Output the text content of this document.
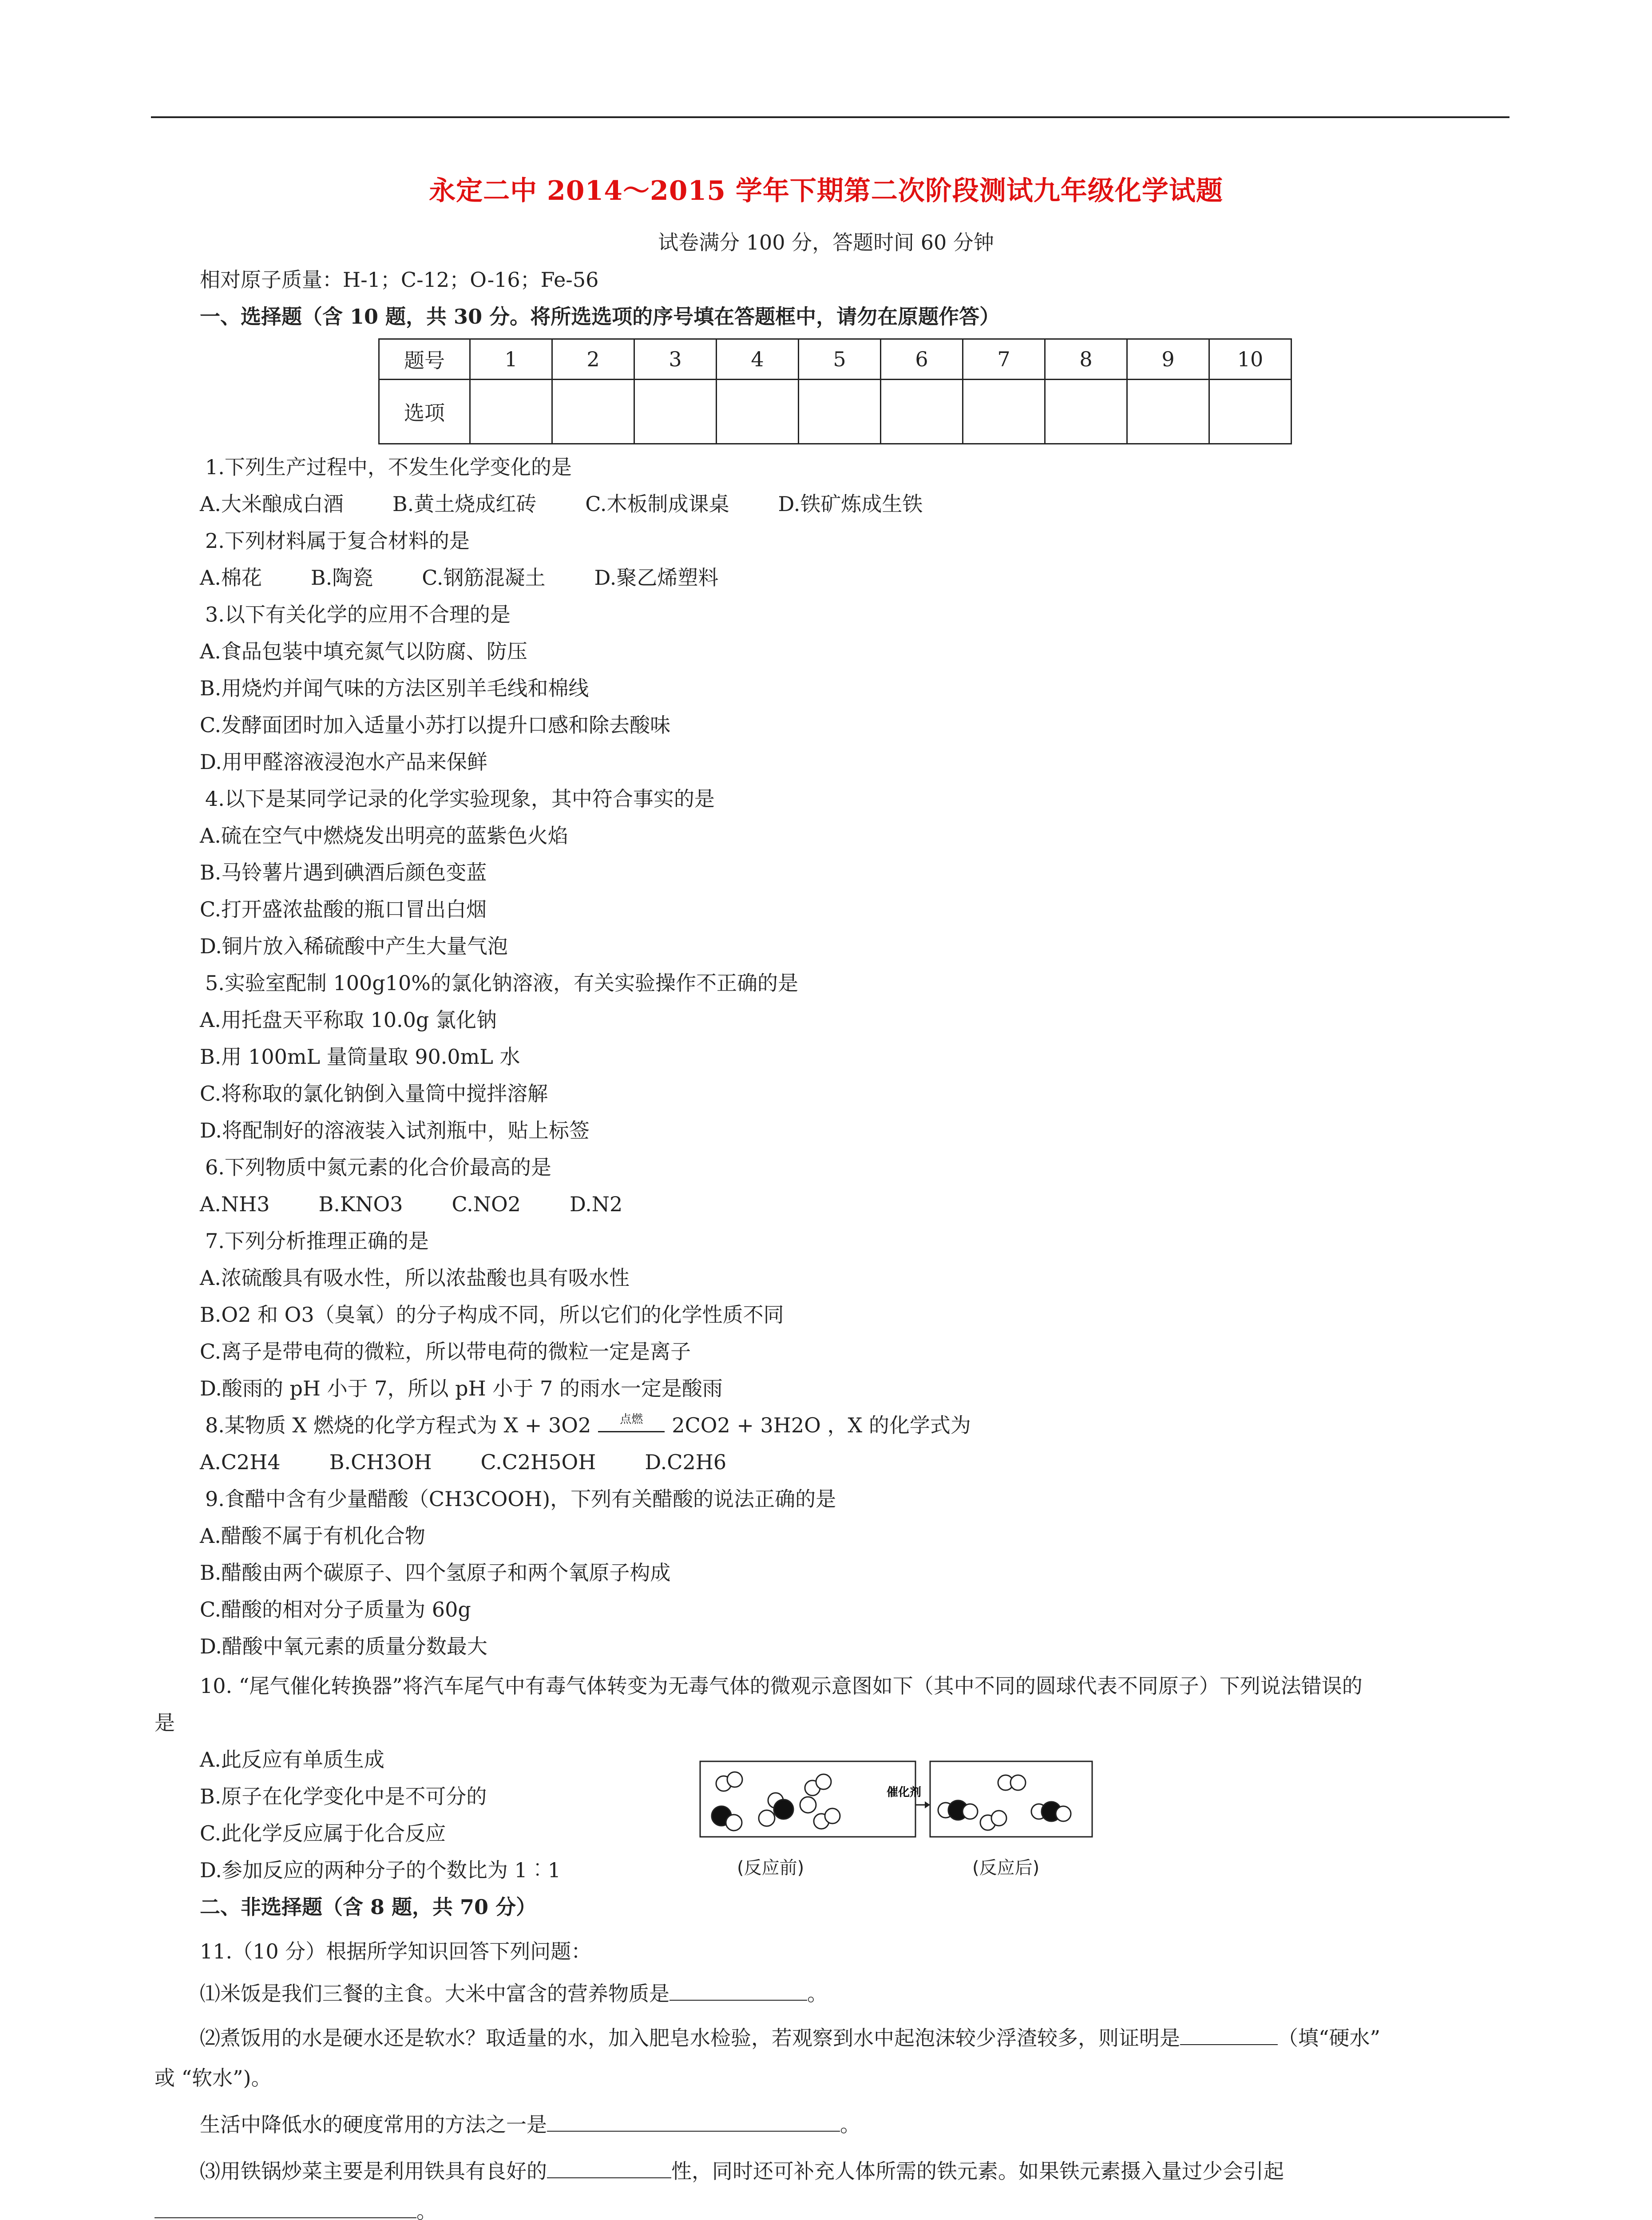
永定二中 2014～2015 学年下期第二次阶段测试九年级化学试题
试卷满分 100 分，答题时间 60 分钟
相对原子质量：H-1；C-12；O-16；Fe-56
一、选择题（含 10 题，共 30 分。将所选选项的序号填在答题框中，请勿在原题作答）
题号	1	2	3	4	5	6	7	8	9	10
选项										
1.下列生产过程中，不发生化学变化的是
A.大米酿成白酒 B.黄土烧成红砖 C.木板制成课桌 D.铁矿炼成生铁
2.下列材料属于复合材料的是
A.棉花 B.陶瓷 C.钢筋混凝土 D.聚乙烯塑料
3.以下有关化学的应用不合理的是
A.食品包装中填充氮气以防腐、防压
B.用烧灼并闻气味的方法区别羊毛线和棉线
C.发酵面团时加入适量小苏打以提升口感和除去酸味
D.用甲醛溶液浸泡水产品来保鲜
4.以下是某同学记录的化学实验现象，其中符合事实的是
A.硫在空气中燃烧发出明亮的蓝紫色火焰
B.马铃薯片遇到碘酒后颜色变蓝
C.打开盛浓盐酸的瓶口冒出白烟
D.铜片放入稀硫酸中产生大量气泡
5.实验室配制 100g10%的氯化钠溶液，有关实验操作不正确的是
A.用托盘天平称取 10.0g 氯化钠
B.用 100mL 量筒量取 90.0mL 水
C.将称取的氯化钠倒入量筒中搅拌溶解
D.将配制好的溶液装入试剂瓶中，贴上标签
6.下列物质中氮元素的化合价最高的是
A.NH3 B.KNO3 C.NO2 D.N2
7.下列分析推理正确的是
A.浓硫酸具有吸水性，所以浓盐酸也具有吸水性
B.O2 和 O3（臭氧）的分子构成不同，所以它们的化学性质不同
C.离子是带电荷的微粒，所以带电荷的微粒一定是离子
D.酸雨的 pH 小于 7，所以 pH 小于 7 的雨水一定是酸雨
8.某物质 X 燃烧的化学方程式为 X + 3O2	点燃	2CO2 + 3H2O ，X 的化学式为
A.C2H4 B.CH3OH C.C2H5OH D.C2H6
9.食醋中含有少量醋酸（CH3COOH)，下列有关醋酸的说法正确的是
A.醋酸不属于有机化合物
B.醋酸由两个碳原子、四个氢原子和两个氧原子构成
C.醋酸的相对分子质量为 60g
D.醋酸中氧元素的质量分数最大
10. “尾气催化转换器”将汽车尾气中有毒气体转变为无毒气体的微观示意图如下（其中不同的圆球代表不同原子）下列说法错误的
是
A.此反应有单质生成
B.原子在化学变化中是不可分的
C.此化学反应属于化合反应
D.参加反应的两种分子的个数比为 1︰1
催化剂
(反应前)	(反应后)
二、非选择题（含 8 题，共 70 分）
11.（10 分）根据所学知识回答下列问题：
⑴米饭是我们三餐的主食。大米中富含的营养物质是	。
⑵煮饭用的水是硬水还是软水？取适量的水，加入肥皂水检验，若观察到水中起泡沫较少浮渣较多，则证明是	（填“硬水”
或 “软水”)。
生活中降低水的硬度常用的方法之一是	。
⑶用铁锅炒菜主要是利用铁具有良好的	性，同时还可补充人体所需的铁元素。如果铁元素摄入量过少会引起
。
